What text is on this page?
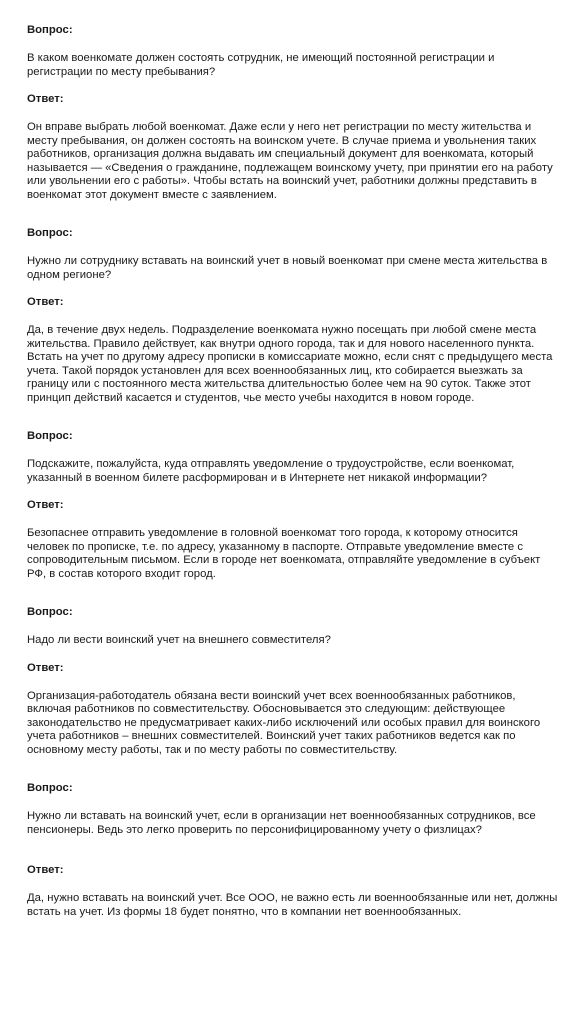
Вопрос:

В каком военкомате должен состоять сотрудник, не имеющий постоянной регистрации и регистрации по месту пребывания?

Ответ:

Он вправе выбрать любой военкомат. Даже если у него нет регистрации по месту жительства и месту пребывания, он должен состоять на воинском учете. В случае приема и увольнения таких работников, организация должна выдавать им специальный документ для военкомата, который называется — «Сведения о гражданине, подлежащем воинскому учету, при принятии его на работу или увольнении его с работы». Чтобы встать на воинский учет, работники должны представить в военкомат этот документ вместе с заявлением.

Вопрос:

Нужно ли сотруднику вставать на воинский учет в новый военкомат при смене места жительства в одном регионе?

Ответ:

Да, в течение двух недель. Подразделение военкомата нужно посещать при любой смене места жительства. Правило действует, как внутри одного города, так и для нового населенного пункта. Встать на учет по другому адресу прописки в комиссариате можно, если снят с предыдущего места учета. Такой порядок установлен для всех военнообязанных лиц, кто собирается выезжать за границу или с постоянного места жительства длительностью более чем на 90 суток. Также этот принцип действий касается и студентов, чье место учебы находится в новом городе.

Вопрос:

Подскажите, пожалуйста, куда отправлять уведомление о трудоустройстве, если военкомат, указанный в военном билете расформирован и в Интернете нет никакой информации?

Ответ:

Безопаснее отправить уведомление в головной военкомат того города, к которому относится человек по прописке, т.е. по адресу, указанному в паспорте. Отправьте уведомление вместе с сопроводительным письмом. Если в городе нет военкомата, отправляйте уведомление в субъект РФ, в состав которого входит город.

Вопрос:

Надо ли вести воинский учет на внешнего совместителя?

Ответ:

Организация-работодатель обязана вести воинский учет всех военнообязанных работников, включая работников по совместительству. Обосновывается это следующим: действующее законодательство не предусматривает каких-либо исключений или особых правил для воинского учета работников – внешних совместителей. Воинский учет таких работников ведется как по основному месту работы, так и по месту работы по совместительству.

Вопрос:

Нужно ли вставать на воинский учет, если в организации нет военнообязанных сотрудников, все пенсионеры. Ведь это легко проверить по персонифицированному учету о физлицах?

Ответ:

Да, нужно вставать на воинский учет. Все ООО, не важно есть ли военнообязанные или нет, должны встать на учет. Из формы 18 будет понятно, что в компании нет военнообязанных.
